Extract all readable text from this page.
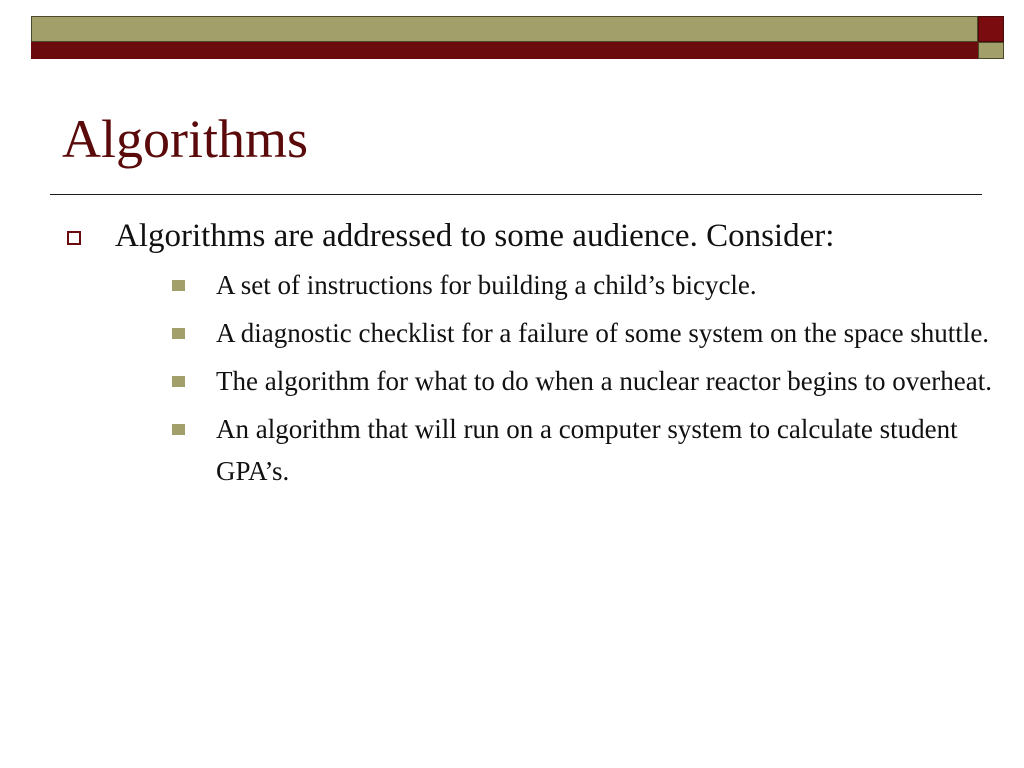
Algorithms
Algorithms are addressed to some audience. Consider:
A set of instructions for building a child’s bicycle.
A diagnostic checklist for a failure of some system on the space shuttle.
The algorithm for what to do when a nuclear reactor begins to overheat.
An algorithm that will run on a computer system to calculate student GPA’s.
